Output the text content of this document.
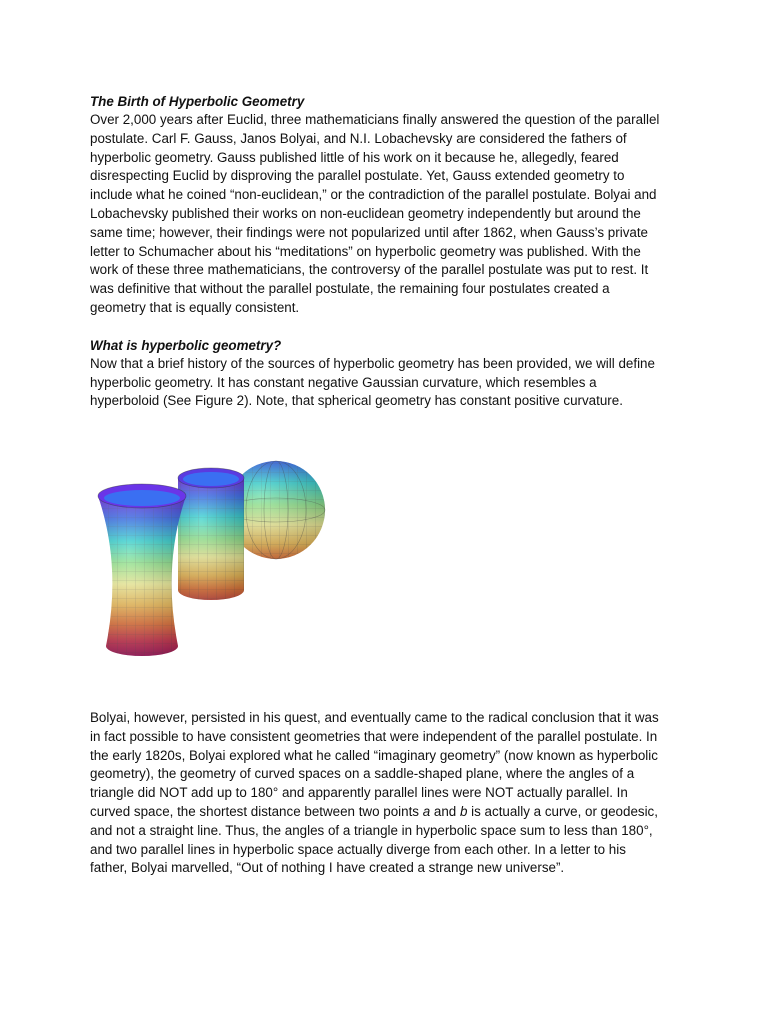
The Birth of Hyperbolic Geometry

Over 2,000 years after Euclid, three mathematicians finally answered the question of the parallel
postulate. Carl F. Gauss, Janos Bolyai, and N.I. Lobachevsky are considered the fathers of
hyperbolic geometry. Gauss published little of his work on it because he, allegedly, feared
disrespecting Euclid by disproving the parallel postulate. Yet, Gauss extended geometry to
include what he coined “non-euclidean,” or the contradiction of the parallel postulate. Bolyai and
Lobachevsky published their works on non-euclidean geometry independently but around the
same time; however, their findings were not popularized until after 1862, when Gauss’s private
letter to Schumacher about his “meditations” on hyperbolic geometry was published. With the
work of these three mathematicians, the controversy of the parallel postulate was put to rest. It
was definitive that without the parallel postulate, the remaining four postulates created a
geometry that is equally consistent.

What is hyperbolic geometry?

Now that a brief history of the sources of hyperbolic geometry has been provided, we will define
hyperbolic geometry. It has constant negative Gaussian curvature, which resembles a
hyperboloid (See Figure 2). Note, that spherical geometry has constant positive curvature.

Bolyai, however, persisted in his quest, and eventually came to the radical conclusion that it was
in fact possible to have consistent geometries that were independent of the parallel postulate. In
the early 1820s, Bolyai explored what he called “imaginary geometry” (now known as hyperbolic
geometry), the geometry of curved spaces on a saddle-shaped plane, where the angles of a
triangle did NOT add up to 180° and apparently parallel lines were NOT actually parallel. In
curved space, the shortest distance between two points a and b is actually a curve, or geodesic,
and not a straight line. Thus, the angles of a triangle in hyperbolic space sum to less than 180°,
and two parallel lines in hyperbolic space actually diverge from each other. In a letter to his
father, Bolyai marvelled, “Out of nothing I have created a strange new universe”.
